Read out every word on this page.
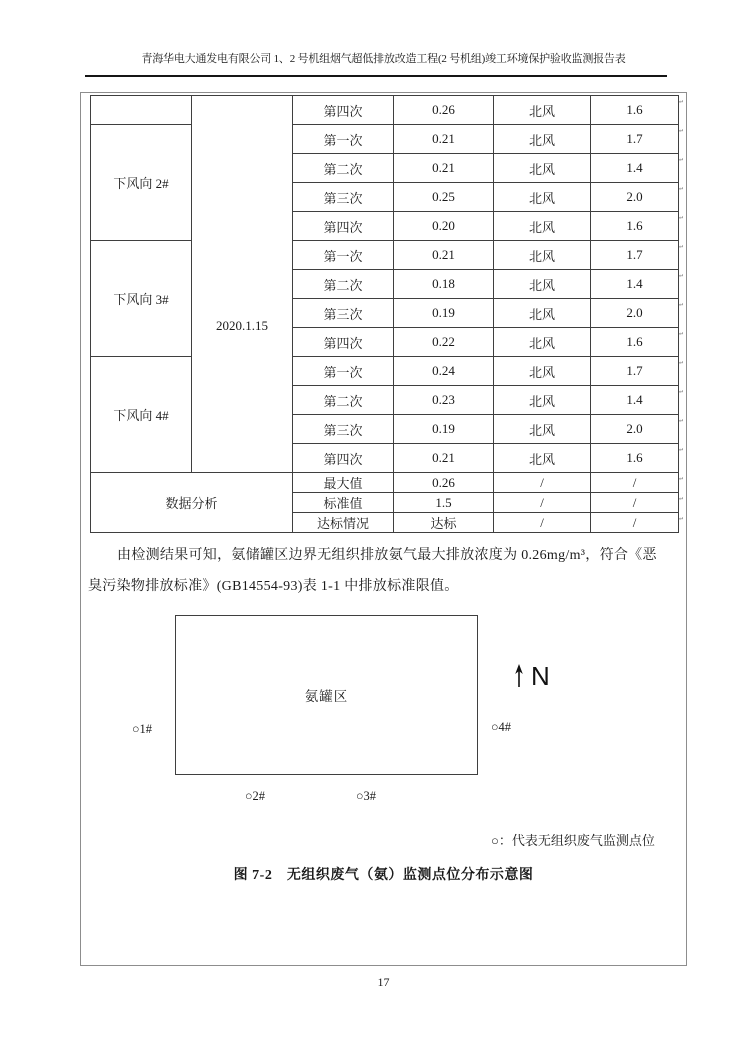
青海华电大通发电有限公司 1、2 号机组烟气超低排放改造工程(2 号机组)竣工环境保护验收监测报告表
	2020.1.15	第四次	0.26	北风	1.6
下风向 2#		第一次	0.21	北风	1.7
		第二次	0.21	北风	1.4
		第三次	0.25	北风	2.0
		第四次	0.20	北风	1.6
下风向 3#		第一次	0.21	北风	1.7
		第二次	0.18	北风	1.4
		第三次	0.19	北风	2.0
		第四次	0.22	北风	1.6
下风向 4#		第一次	0.24	北风	1.7
		第二次	0.23	北风	1.4
		第三次	0.19	北风	2.0
		第四次	0.21	北风	1.6
数据分析		最大值	0.26	/	/
		标准值	1.5	/	/
		达标情况	达标	/	/
由检测结果可知，氨储罐区边界无组织排放氨气最大排放浓度为 0.26mg/m³，符合《恶
臭污染物排放标准》(GB14554-93)表 1-1 中排放标准限值。
氨罐区
○1#
○2#	○3#
○4#
N
○：代表无组织废气监测点位
图 7-2　无组织废气（氨）监测点位分布示意图
17
↵
↵
↵
↵
↵
↵
↵
↵
↵
↵
↵
↵
↵
↵
↵
↵
